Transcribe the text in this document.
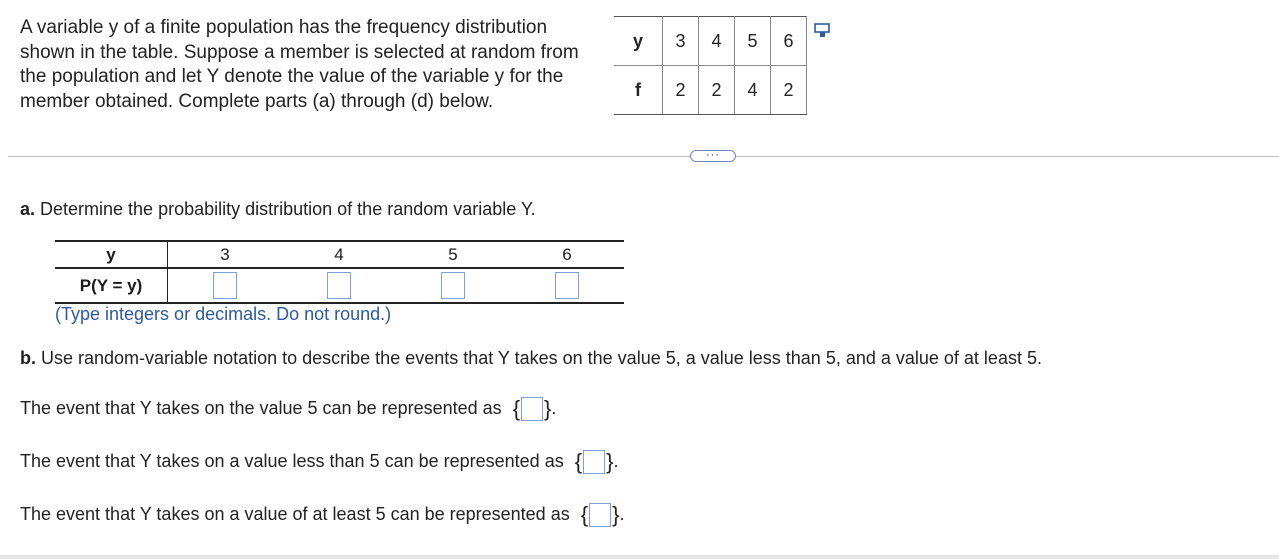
A variable y of a finite population has the frequency distribution shown in the table. Suppose a member is selected at random from the population and let Y denote the value of the variable y for the member obtained. Complete parts (a) through (d) below.
y	3	4	5	6
f	2	2	4	2
···
a. Determine the probability distribution of the random variable Y.
y	3	4	5	6
P(Y = y)				
(Type integers or decimals. Do not round.)
b. Use random-variable notation to describe the events that Y takes on the value 5, a value less than 5, and a value of at least 5.
The event that Y takes on the value 5 can be represented as { }.
The event that Y takes on a value less than 5 can be represented as { }.
The event that Y takes on a value of at least 5 can be represented as { }.
